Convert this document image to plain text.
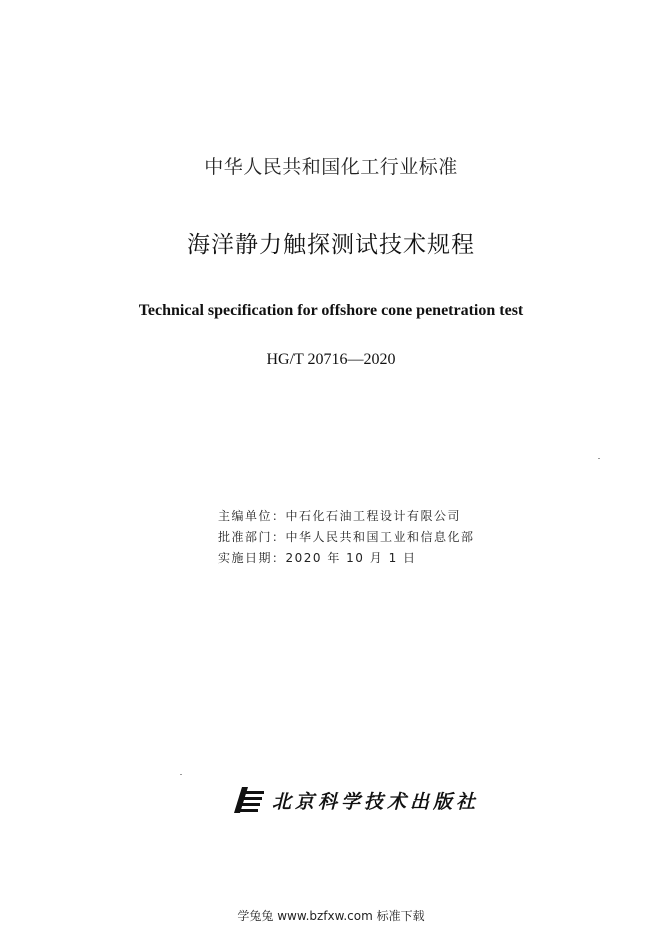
中华人民共和国化工行业标准
海洋静力触探测试技术规程
Technical specification for offshore cone penetration test
HG/T 20716—2020
主编单位：中石化石油工程设计有限公司
批准部门：中华人民共和国工业和信息化部
实施日期：2020 年 10 月 1 日
北京科学技术出版社
学兔兔 www.bzfxw.com 标准下载
